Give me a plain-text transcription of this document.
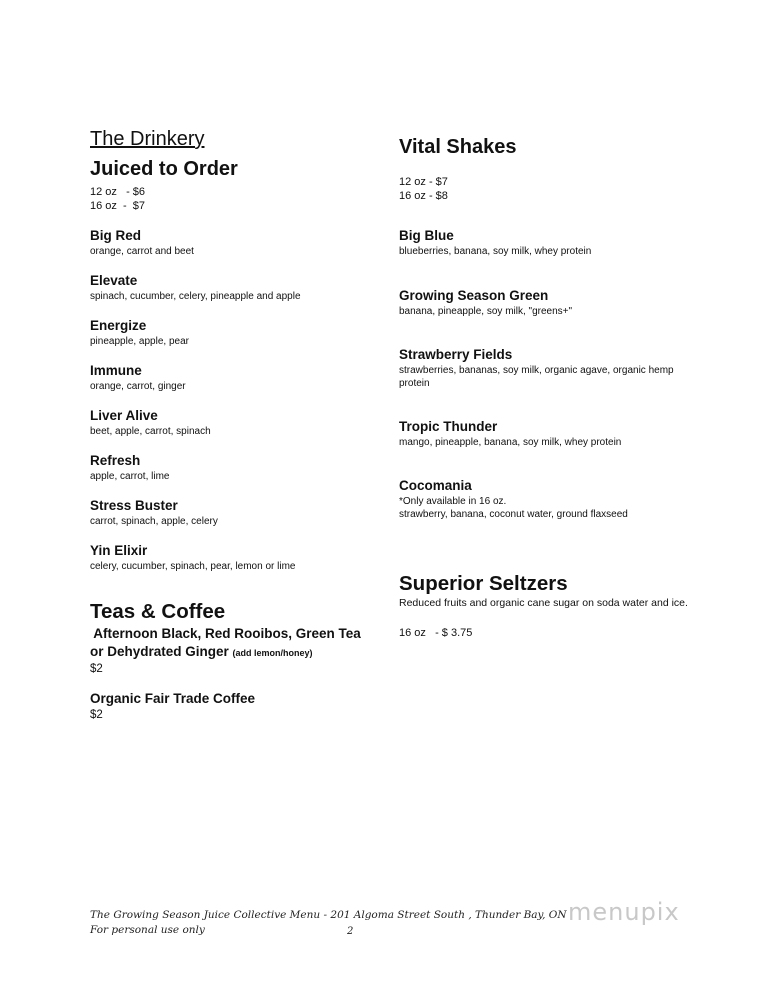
The Drinkery
Juiced to Order
12 oz   - $6
16 oz  -  $7
Big Red
orange, carrot and beet
Elevate
spinach, cucumber, celery, pineapple and apple
Energize
pineapple, apple, pear
Immune
orange, carrot, ginger
Liver Alive
beet, apple, carrot, spinach
Refresh
apple, carrot, lime
Stress Buster
carrot, spinach, apple, celery
Yin Elixir
celery, cucumber, spinach, pear, lemon or lime
Teas & Coffee
Afternoon Black, Red Rooibos, Green Tea
or Dehydrated Ginger (add lemon/honey)
$2
Organic Fair Trade Coffee
$2
Vital Shakes
12 oz - $7
16 oz - $8
Big Blue
blueberries, banana, soy milk, whey protein
Growing Season Green
banana, pineapple, soy milk, "greens+"
Strawberry Fields
strawberries, bananas, soy milk, organic agave, organic hemp protein
Tropic Thunder
mango, pineapple, banana, soy milk, whey protein
Cocomania
*Only available in 16 oz.
strawberry, banana, coconut water, ground flaxseed
Superior Seltzers
Reduced fruits and organic cane sugar on soda water and ice.
16 oz   - $ 3.75
The Growing Season Juice Collective Menu - 201 Algoma Street South , Thunder Bay, ON
For personal use only	2
menupix
